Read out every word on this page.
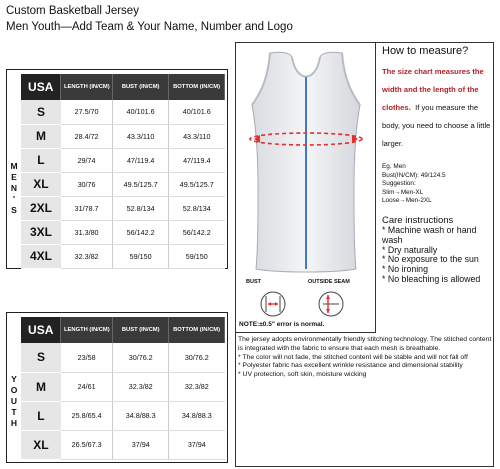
Custom Basketball Jersey
Men Youth—Add Team & Your Name, Number and Logo
M
E
N
'
S
USA	LENGTH (IN/CM)	BUST (IN/CM)	BOTTOM (IN/CM)
S	27.5/70	40/101.6	40/101.6
M	28.4/72	43.3/110	43.3/110
L	29/74	47/119.4	47/119.4
XL	30/76	49.5/125.7	49.5/125.7
2XL	31/78.7	52.8/134	52.8/134
3XL	31.3/80	56/142.2	56/142.2
4XL	32.3/82	59/150	59/150
Y
O
U
T
H
USA	LENGTH (IN/CM)	BUST (IN/CM)	BOTTOM (IN/CM)
S	23/58	30/76.2	30/76.2
M	24/61	32.3/82	32.3/82
L	25.8/65.4	34.8/88.3	34.8/88.3
XL	26.5/67.3	37/94	37/94
BUST	OUTSIDE SEAM
NOTE:±0.5" error is normal.
How to measure?
The size chart measures the width and the length of the clothes. If you measure the body, you need to choose a little larger.
Eg. Men
Bust(IN/CM): 49/124.5
Suggestion:
Slim→Men-XL
Loose→Men-2XL
Care instructions
* Machine wash or hand wash
* Dry naturally
* No exposure to the sun
* No ironing
* No bleaching is allowed
The jersey adopts environmentally friendly stitching technology. The stitched content is integrated with the fabric to ensure that each mesh is breathable.
* The color will not fade, the stitched content will be stable and will not fall off
* Polyester fabric has excellent wrinkle resistance and dimensional stability
* UV protection, soft skin, moisture wicking
